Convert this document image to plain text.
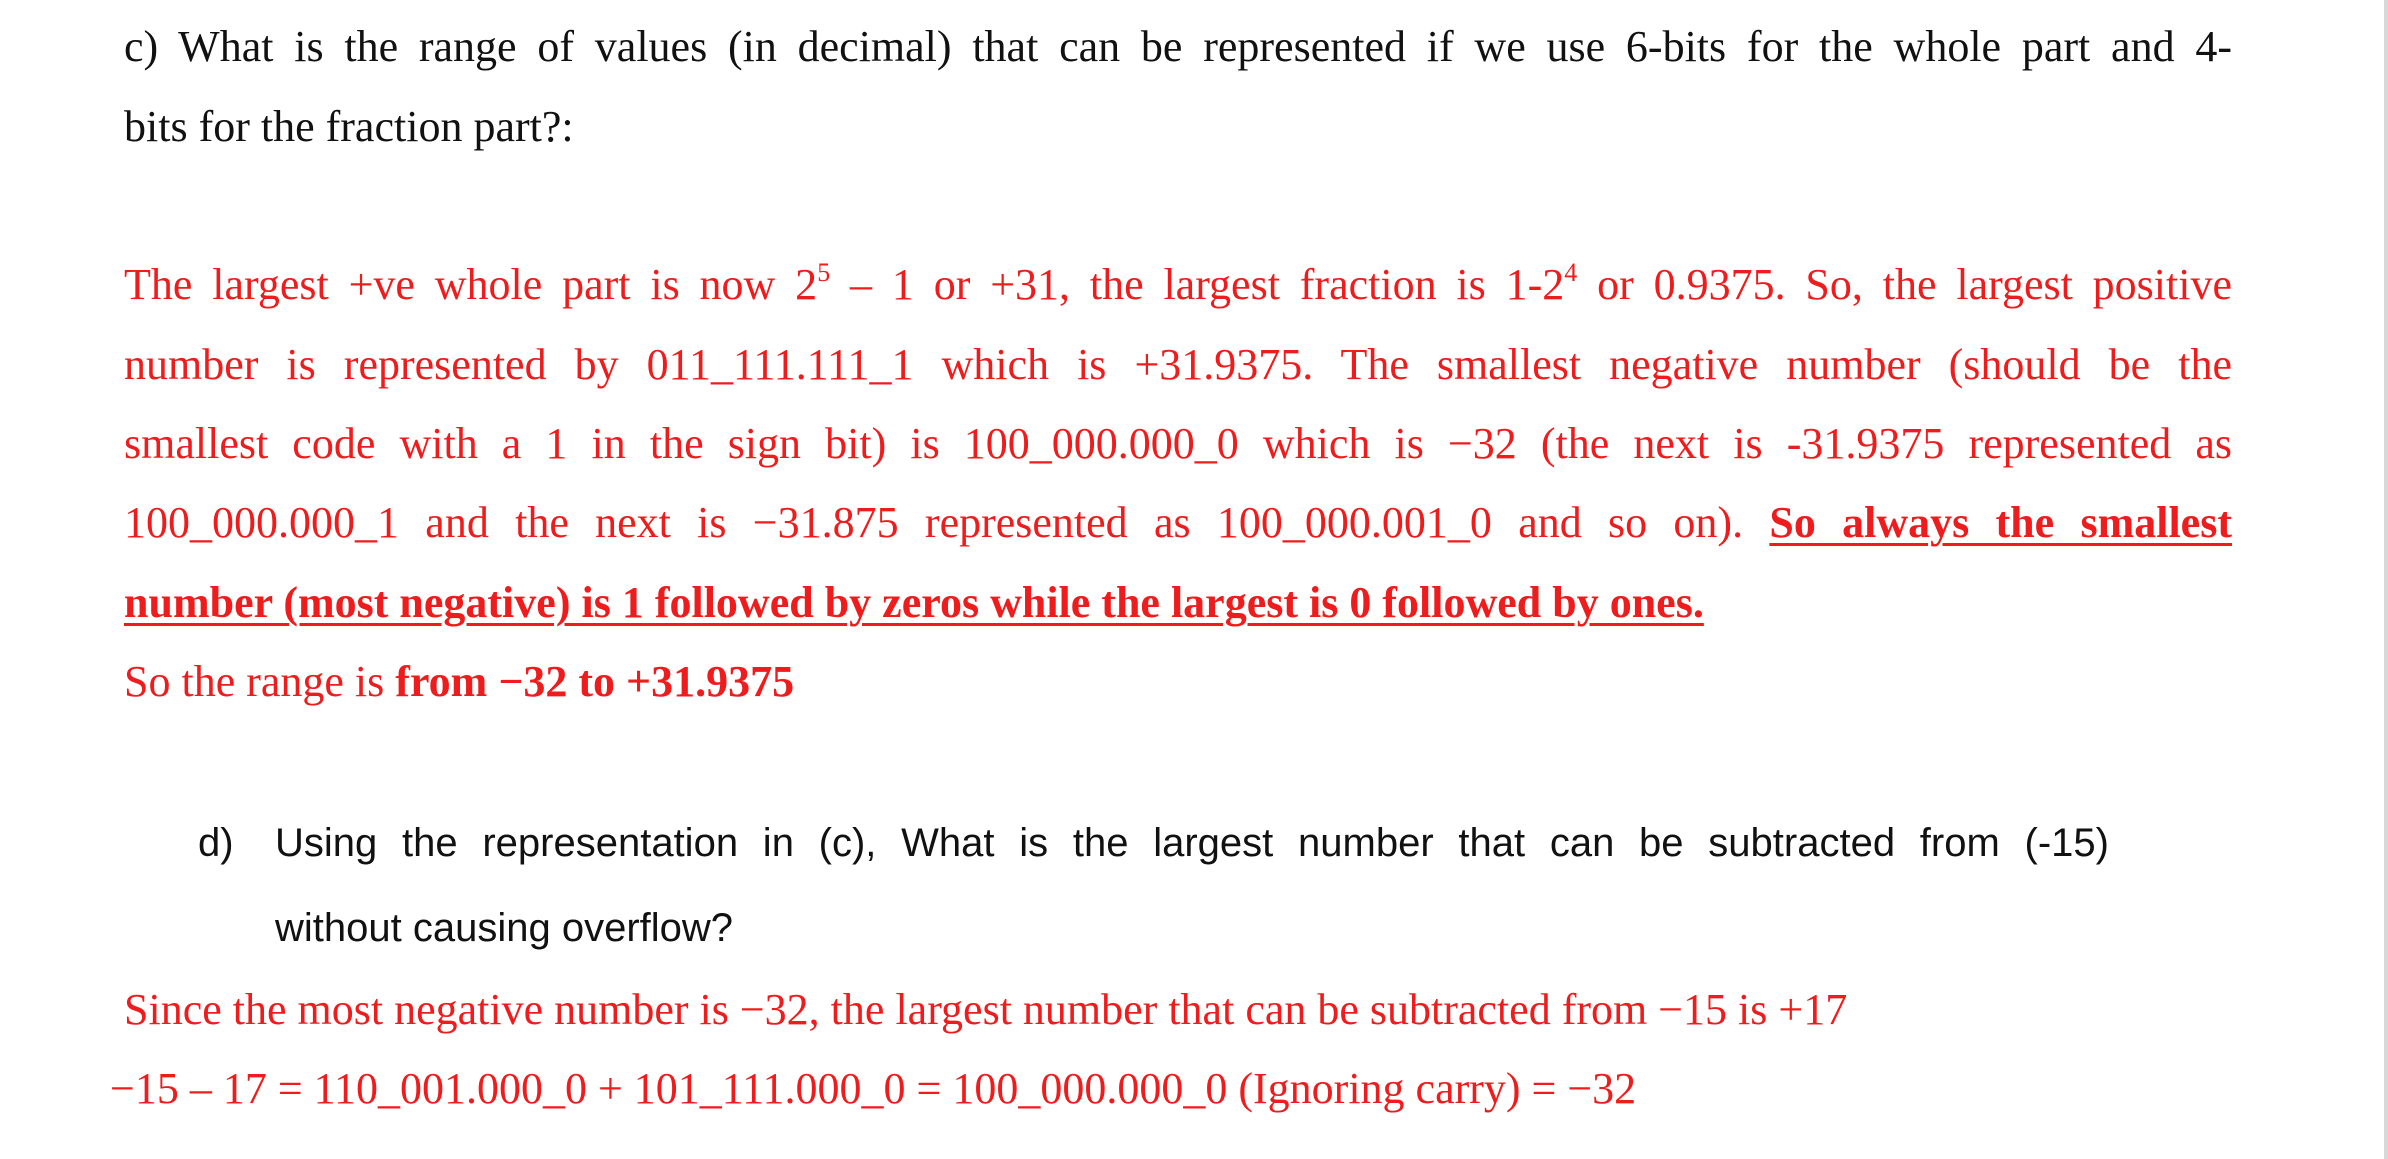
c) What is the range of values (in decimal) that can be represented if we use 6-bits for the whole part and 4-
bits for the fraction part?:
The largest +ve whole part is now $2^5 - 1$ or +31, the largest fraction is $1-2^4$ or 0.9375. So, the largest positive
number is represented by 011_111.111_1 which is +31.9375. The smallest negative number (should be the
smallest code with a 1 in the sign bit) is 100_000.000_0 which is −32 (the next is -31.9375 represented as
100_000.000_1 and the next is −31.875 represented as 100_000.001_0 and so on). So always the smallest
number (most negative) is 1 followed by zeros while the largest is 0 followed by ones.
So the range is from −32 to +31.9375
d) Using the representation in (c), What is the largest number that can be subtracted from (-15)
without causing overflow?
Since the most negative number is −32, the largest number that can be subtracted from −15 is +17
−15 – 17 = 110_001.000_0 + 101_111.000_0 = 100_000.000_0 (Ignoring carry) = −32
